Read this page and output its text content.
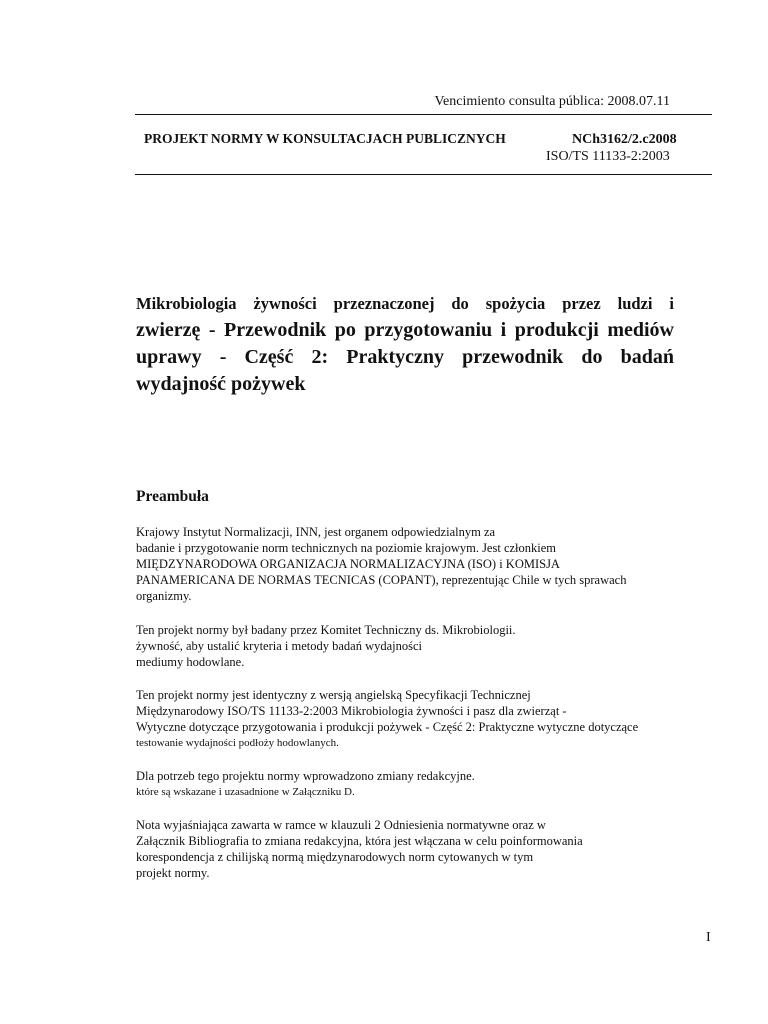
Vencimiento consulta pública: 2008.07.11
PROJEKT NORMY W KONSULTACJACH PUBLICZNYCH	NCh3162/2.c2008
ISO/TS 11133-2:2003
Mikrobiologia żywności przeznaczonej do spożycia przez ludzi i
zwierzę - Przewodnik po przygotowaniu i produkcji mediów
uprawy - Część 2: Praktyczny przewodnik do badań
wydajność pożywek
Preambuła
Krajowy Instytut Normalizacji, INN, jest organem odpowiedzialnym za
badanie i przygotowanie norm technicznych na poziomie krajowym. Jest członkiem
MIĘDZYNARODOWA ORGANIZACJA NORMALIZACYJNA (ISO) i KOMISJA
PANAMERICANA DE NORMAS TECNICAS (COPANT), reprezentując Chile w tych sprawach
organizmy.
Ten projekt normy był badany przez Komitet Techniczny ds. Mikrobiologii.
żywność, aby ustalić kryteria i metody badań wydajności
mediumy hodowlane.
Ten projekt normy jest identyczny z wersją angielską Specyfikacji Technicznej
Międzynarodowy ISO/TS 11133-2:2003 Mikrobiologia żywności i pasz dla zwierząt -
Wytyczne dotyczące przygotowania i produkcji pożywek - Część 2: Praktyczne wytyczne dotyczące
testowanie wydajności podłoży hodowlanych.
Dla potrzeb tego projektu normy wprowadzono zmiany redakcyjne.
które są wskazane i uzasadnione w Załączniku D.
Nota wyjaśniająca zawarta w ramce w klauzuli 2 Odniesienia normatywne oraz w
Załącznik Bibliografia to zmiana redakcyjna, która jest włączana w celu poinformowania
korespondencja z chilijską normą międzynarodowych norm cytowanych w tym
projekt normy.
I
